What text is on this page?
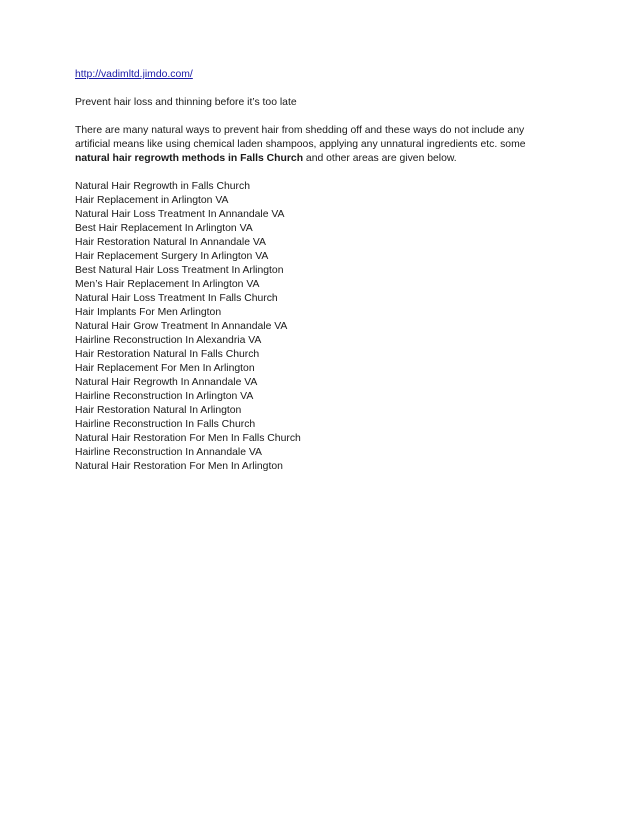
http://vadimltd.jimdo.com/
Prevent hair loss and thinning before it’s too late
There are many natural ways to prevent hair from shedding off and these ways do not include any artificial means like using chemical laden shampoos, applying any unnatural ingredients etc. some natural hair regrowth methods in Falls Church and other areas are given below.
Natural Hair Regrowth in Falls Church
Hair Replacement in Arlington VA
Natural Hair Loss Treatment In Annandale VA
Best Hair Replacement In Arlington VA
Hair Restoration Natural In Annandale VA
Hair Replacement Surgery In Arlington VA
Best Natural Hair Loss Treatment In Arlington
Men’s Hair Replacement In Arlington VA
Natural Hair Loss Treatment In Falls Church
Hair Implants For Men Arlington
Natural Hair Grow Treatment In Annandale VA
Hairline Reconstruction In Alexandria VA
Hair Restoration Natural In Falls Church
Hair Replacement For Men In Arlington
Natural Hair Regrowth In Annandale VA
Hairline Reconstruction In Arlington VA
Hair Restoration Natural In Arlington
Hairline Reconstruction In Falls Church
Natural Hair Restoration For Men In Falls Church
Hairline Reconstruction In Annandale VA
Natural Hair Restoration For Men In Arlington
